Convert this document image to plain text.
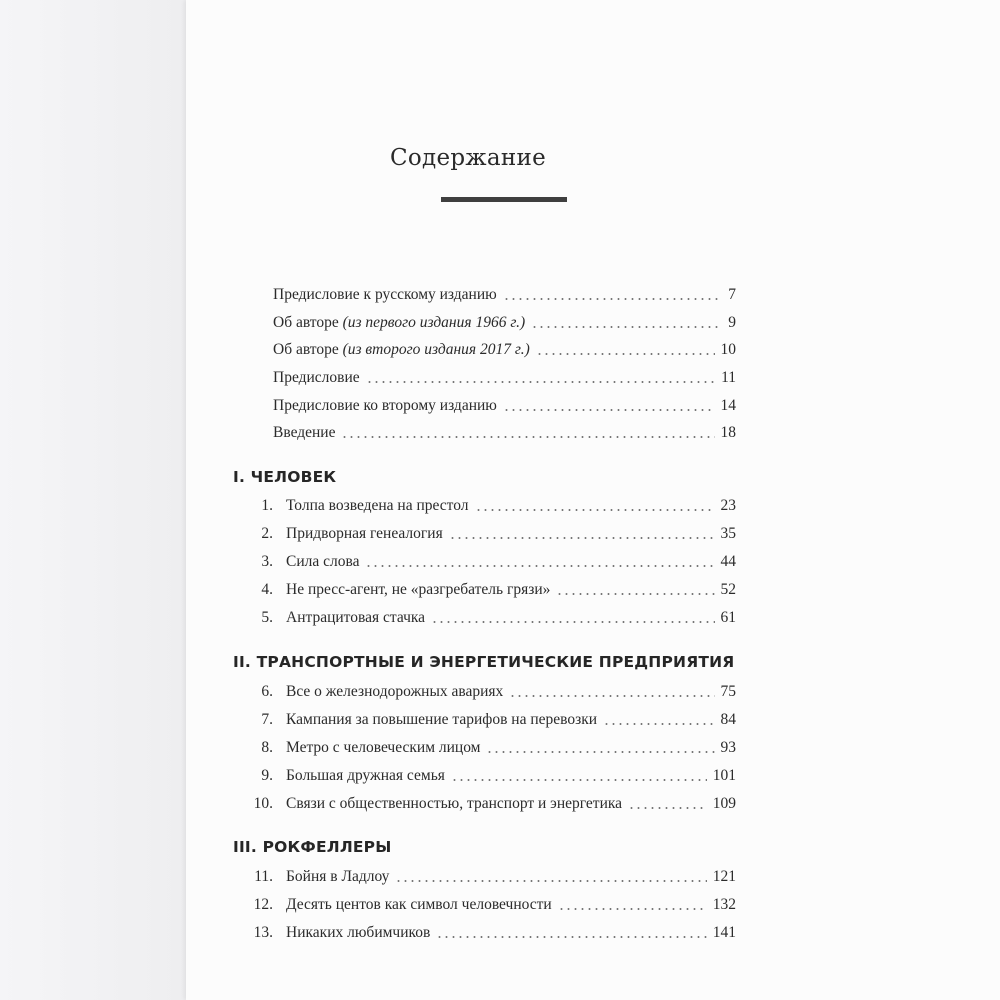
Содержание
Предисловие к русскому изданию	7
Об авторе (из первого издания 1966 г.)	9
Об авторе (из второго издания 2017 г.)	10
Предисловие	11
Предисловие ко второму изданию	14
Введение	18
I. ЧЕЛОВЕК
1. Толпа возведена на престол	23
2. Придворная генеалогия	35
3. Сила слова	44
4. Не пресс-агент, не «разгребатель грязи»	52
5. Антрацитовая стачка	61
II. ТРАНСПОРТНЫЕ И ЭНЕРГЕТИЧЕСКИЕ ПРЕДПРИЯТИЯ
6. Все о железнодорожных авариях	75
7. Кампания за повышение тарифов на перевозки	84
8. Метро с человеческим лицом	93
9. Большая дружная семья	101
10. Связи с общественностью, транспорт и энергетика	109
III. РОКФЕЛЛЕРЫ
11. Бойня в Ладлоу	121
12. Десять центов как символ человечности	132
13. Никаких любимчиков	141
